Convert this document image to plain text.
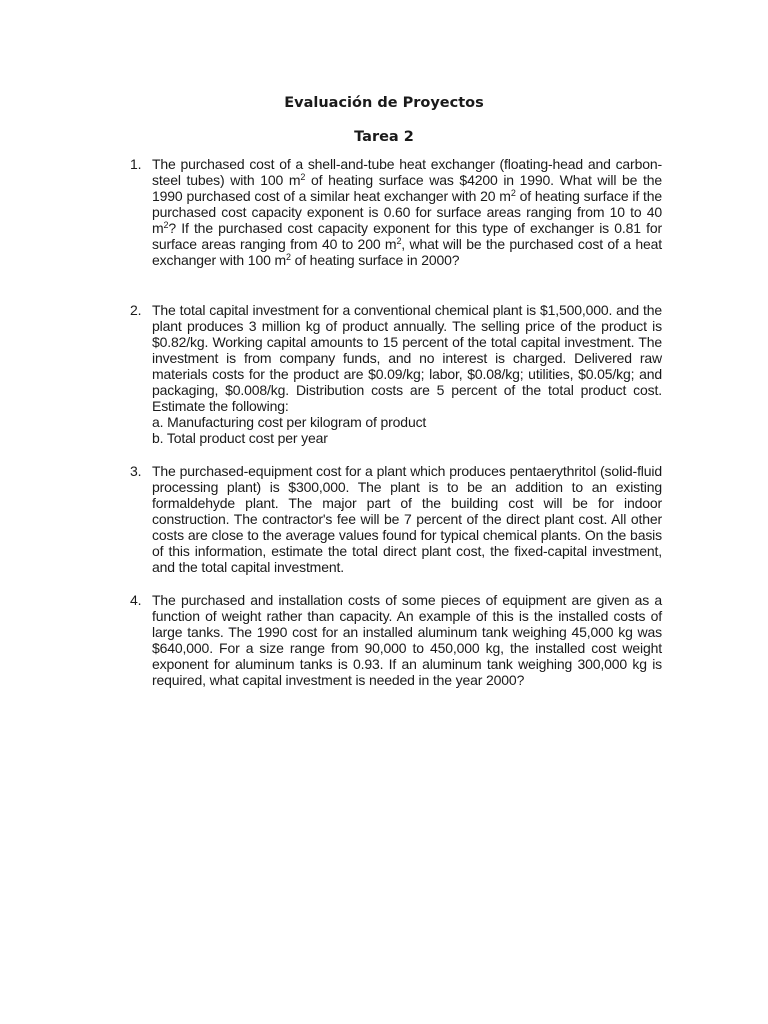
Evaluación de Proyectos
Tarea 2
1. The purchased cost of a shell-and-tube heat exchanger (floating-head and carbon-steel tubes) with 100 $m^2$ of heating surface was $4200 in 1990. What will be the 1990 purchased cost of a similar heat exchanger with 20 $m^2$ of heating surface if the purchased cost capacity exponent is 0.60 for surface areas ranging from 10 to 40 $m^2$? If the purchased cost capacity exponent for this type of exchanger is 0.81 for surface areas ranging from 40 to 200 $m^2$, what will be the purchased cost of a heat exchanger with 100 $m^2$ of heating surface in 2000?

2. The total capital investment for a conventional chemical plant is $1,500,000. and the plant produces 3 million kg of product annually. The selling price of the product is $0.82/kg. Working capital amounts to 15 percent of the total capital investment. The investment is from company funds, and no interest is charged. Delivered raw materials costs for the product are $0.09/kg; labor, $0.08/kg; utilities, $0.05/kg; and packaging, $0.008/kg. Distribution costs are 5 percent of the total product cost. Estimate the following:

a. Manufacturing cost per kilogram of product
b. Total product cost per year
3. The purchased-equipment cost for a plant which produces pentaerythritol (solid-fluid processing plant) is $300,000. The plant is to be an addition to an existing formaldehyde plant. The major part of the building cost will be for indoor construction. The contractor's fee will be 7 percent of the direct plant cost. All other costs are close to the average values found for typical chemical plants. On the basis of this information, estimate the total direct plant cost, the fixed-capital investment, and the total capital investment.

4. The purchased and installation costs of some pieces of equipment are given as a function of weight rather than capacity. An example of this is the installed costs of large tanks. The 1990 cost for an installed aluminum tank weighing 45,000 kg was $640,000. For a size range from 90,000 to 450,000 kg, the installed cost weight exponent for aluminum tanks is 0.93. If an aluminum tank weighing 300,000 kg is required, what capital investment is needed in the year 2000?
